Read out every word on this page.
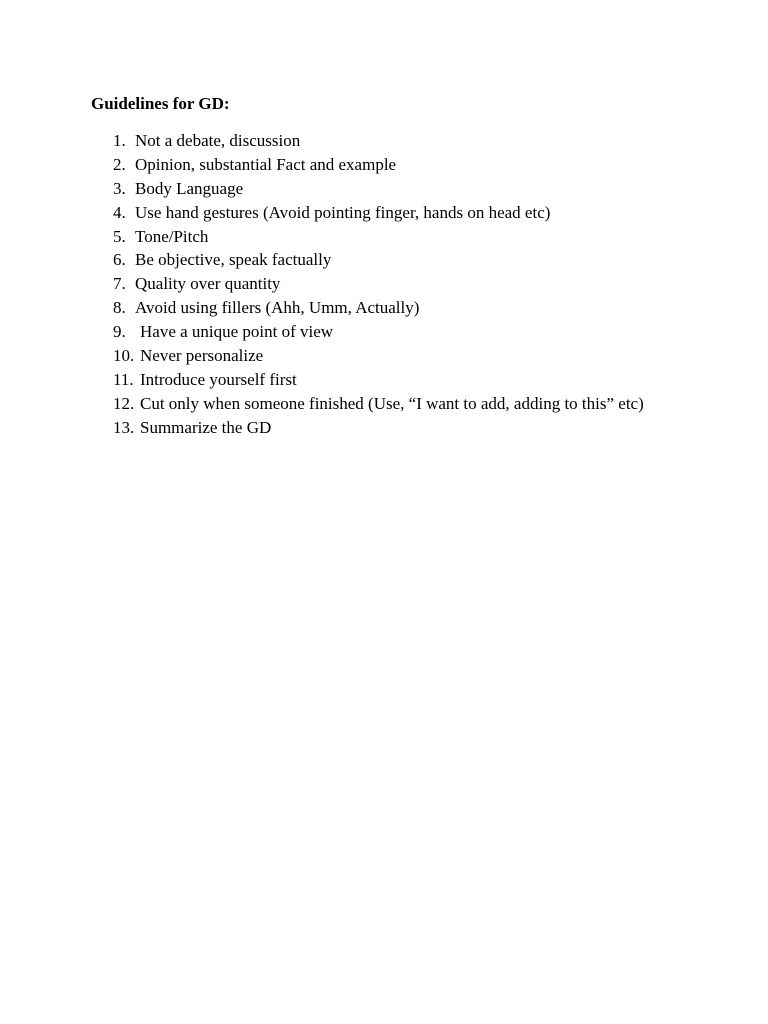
Guidelines for GD:
1. Not a debate, discussion
2. Opinion, substantial Fact and example
3. Body Language
4. Use hand gestures (Avoid pointing finger, hands on head etc)
5. Tone/Pitch
6. Be objective, speak factually
7. Quality over quantity
8. Avoid using fillers (Ahh, Umm, Actually)
9. Have a unique point of view
10. Never personalize
11. Introduce yourself first
12. Cut only when someone finished (Use, “I want to add, adding to this” etc)
13. Summarize the GD
